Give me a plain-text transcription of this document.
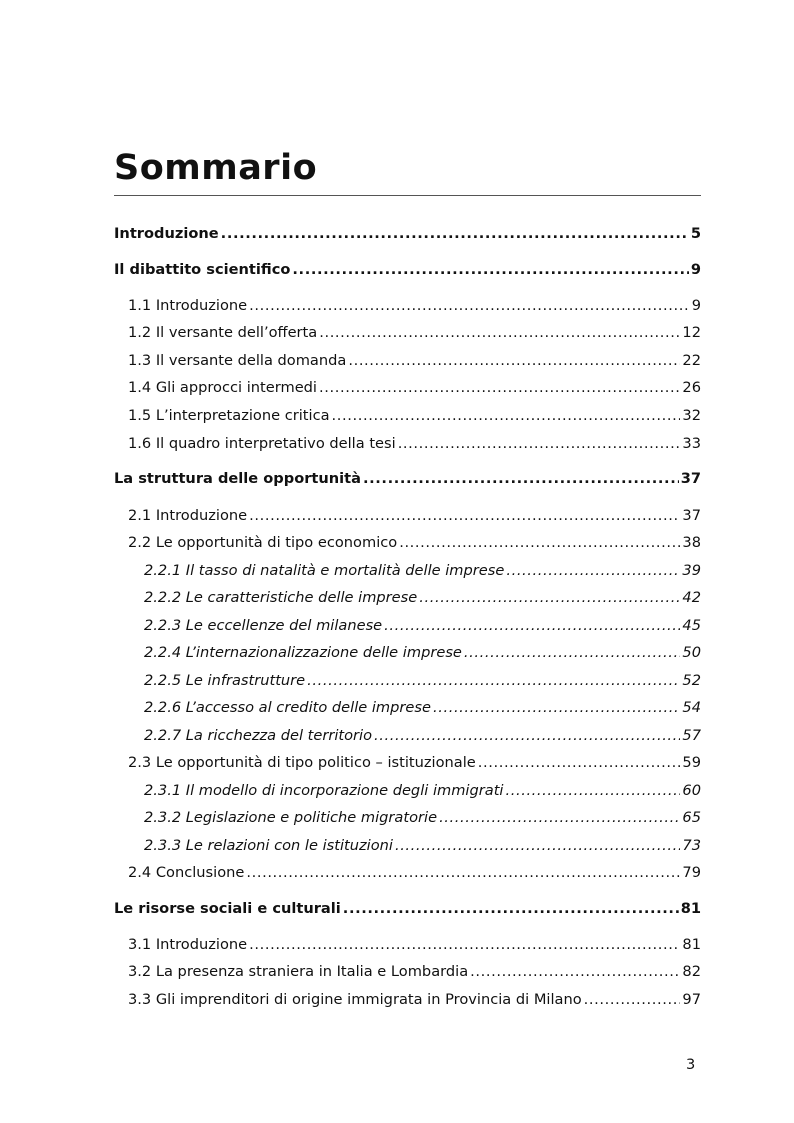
Sommario
Introduzione .....	5
Il dibattito scientifico .....	9
1.1 Introduzione .....	9
1.2 Il versante dell’offerta .....	12
1.3 Il versante della domanda .....	22
1.4 Gli approcci intermedi .....	26
1.5 L’interpretazione critica .....	32
1.6 Il quadro interpretativo della tesi .....	33
La struttura delle opportunità .....	37
2.1 Introduzione .....	37
2.2 Le opportunità di tipo economico .....	38
2.2.1 Il tasso di natalità e mortalità delle imprese .....	39
2.2.2 Le caratteristiche delle imprese .....	42
2.2.3 Le eccellenze del milanese .....	45
2.2.4 L’internazionalizzazione delle imprese .....	50
2.2.5 Le infrastrutture .....	52
2.2.6 L’accesso al credito delle imprese .....	54
2.2.7 La ricchezza del territorio .....	57
2.3 Le opportunità di tipo politico – istituzionale .....	59
2.3.1 Il modello di incorporazione degli immigrati .....	60
2.3.2 Legislazione e politiche migratorie .....	65
2.3.3 Le relazioni con le istituzioni .....	73
2.4 Conclusione .....	79
Le risorse sociali e culturali .....	81
3.1 Introduzione .....	81
3.2 La presenza straniera in Italia e Lombardia .....	82
3.3 Gli imprenditori di origine immigrata in Provincia di Milano .....	97
3
